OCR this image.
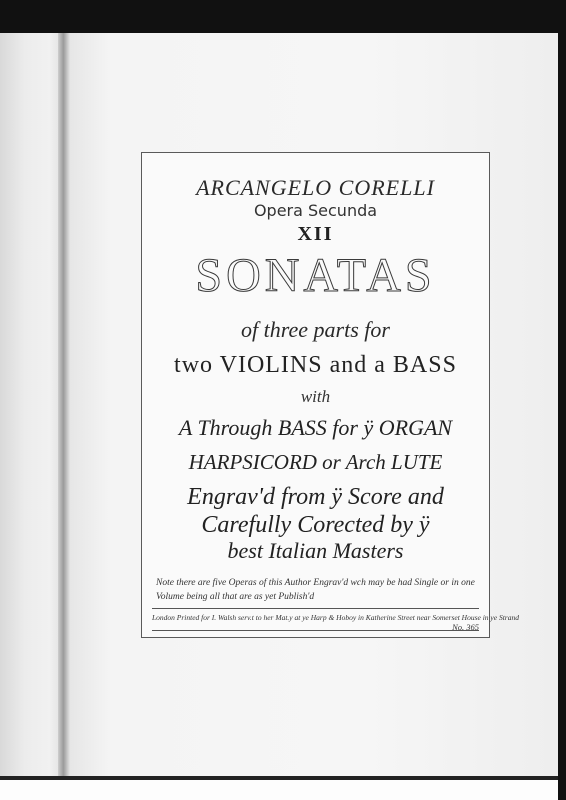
ARCANGELO CORELLI
Opera Secunda
XII
SONATAS
of three parts for
two VIOLINS and a BASS
with
A Through BASS for ÿ ORGAN
HARPSICORD or Arch LUTE
Engrav'd from ÿ Score and
Carefully Corected by ÿ
best Italian Masters
Note there are five Operas of this Author Engrav'd wch may be had Single or in one Volume being all that are as yet Publish'd
London Printed for I. Walsh serv.t to her Mat.y at ye Harp & Hoboy in Katherine Street near Somerset House in ye Strand
No. 365
